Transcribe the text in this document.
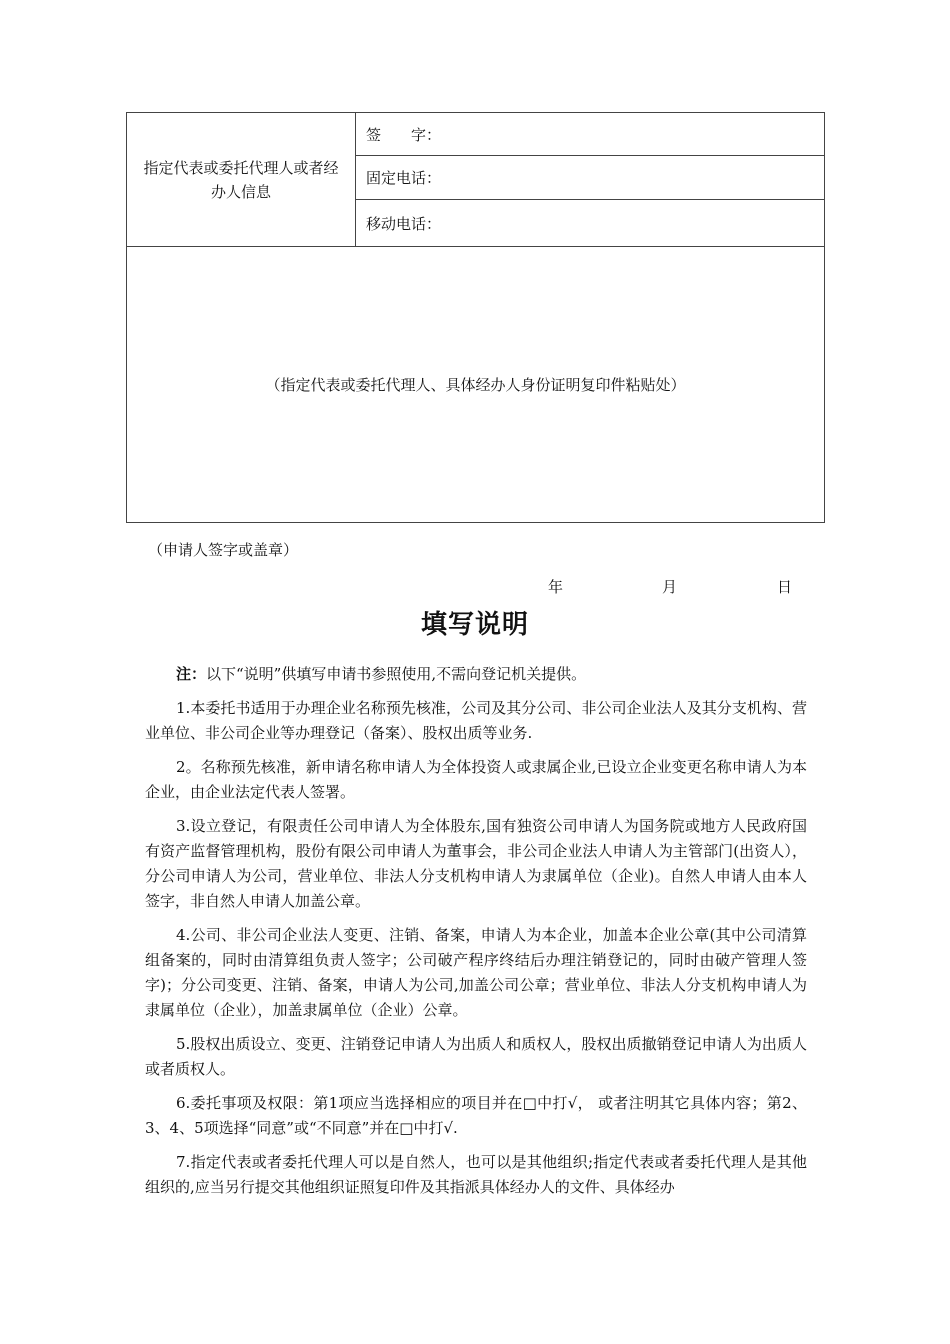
指定代表或委托代理人或者经办人信息
	签　　字：
固定电话：
移动电话：
（指定代表或委托代理人、具体经办人身份证明复印件粘贴处）
（申请人签字或盖章）
年	月	日
填写说明

注：以下“说明”供填写申请书参照使用,不需向登记机关提供。

1.本委托书适用于办理企业名称预先核准，公司及其分公司、非公司企业法人及其分支机构、营业单位、非公司企业等办理登记（备案）、股权出质等业务.

2。名称预先核准，新申请名称申请人为全体投资人或隶属企业,已设立企业变更名称申请人为本企业，由企业法定代表人签署。

3.设立登记，有限责任公司申请人为全体股东,国有独资公司申请人为国务院或地方人民政府国有资产监督管理机构，股份有限公司申请人为董事会，非公司企业法人申请人为主管部门(出资人），分公司申请人为公司，营业单位、非法人分支机构申请人为隶属单位（企业)。自然人申请人由本人签字，非自然人申请人加盖公章。

4.公司、非公司企业法人变更、注销、备案，申请人为本企业，加盖本企业公章(其中公司清算组备案的，同时由清算组负责人签字；公司破产程序终结后办理注销登记的，同时由破产管理人签字)；分公司变更、注销、备案，申请人为公司,加盖公司公章；营业单位、非法人分支机构申请人为隶属单位（企业），加盖隶属单位（企业）公章。

5.股权出质设立、变更、注销登记申请人为出质人和质权人，股权出质撤销登记申请人为出质人或者质权人。

6.委托事项及权限：第1项应当选择相应的项目并在□中打√， 或者注明其它具体内容；第2、3、4、5项选择“同意”或“不同意”并在□中打√.

7.指定代表或者委托代理人可以是自然人，也可以是其他组织;指定代表或者委托代理人是其他组织的,应当另行提交其他组织证照复印件及其指派具体经办人的文件、具体经办
